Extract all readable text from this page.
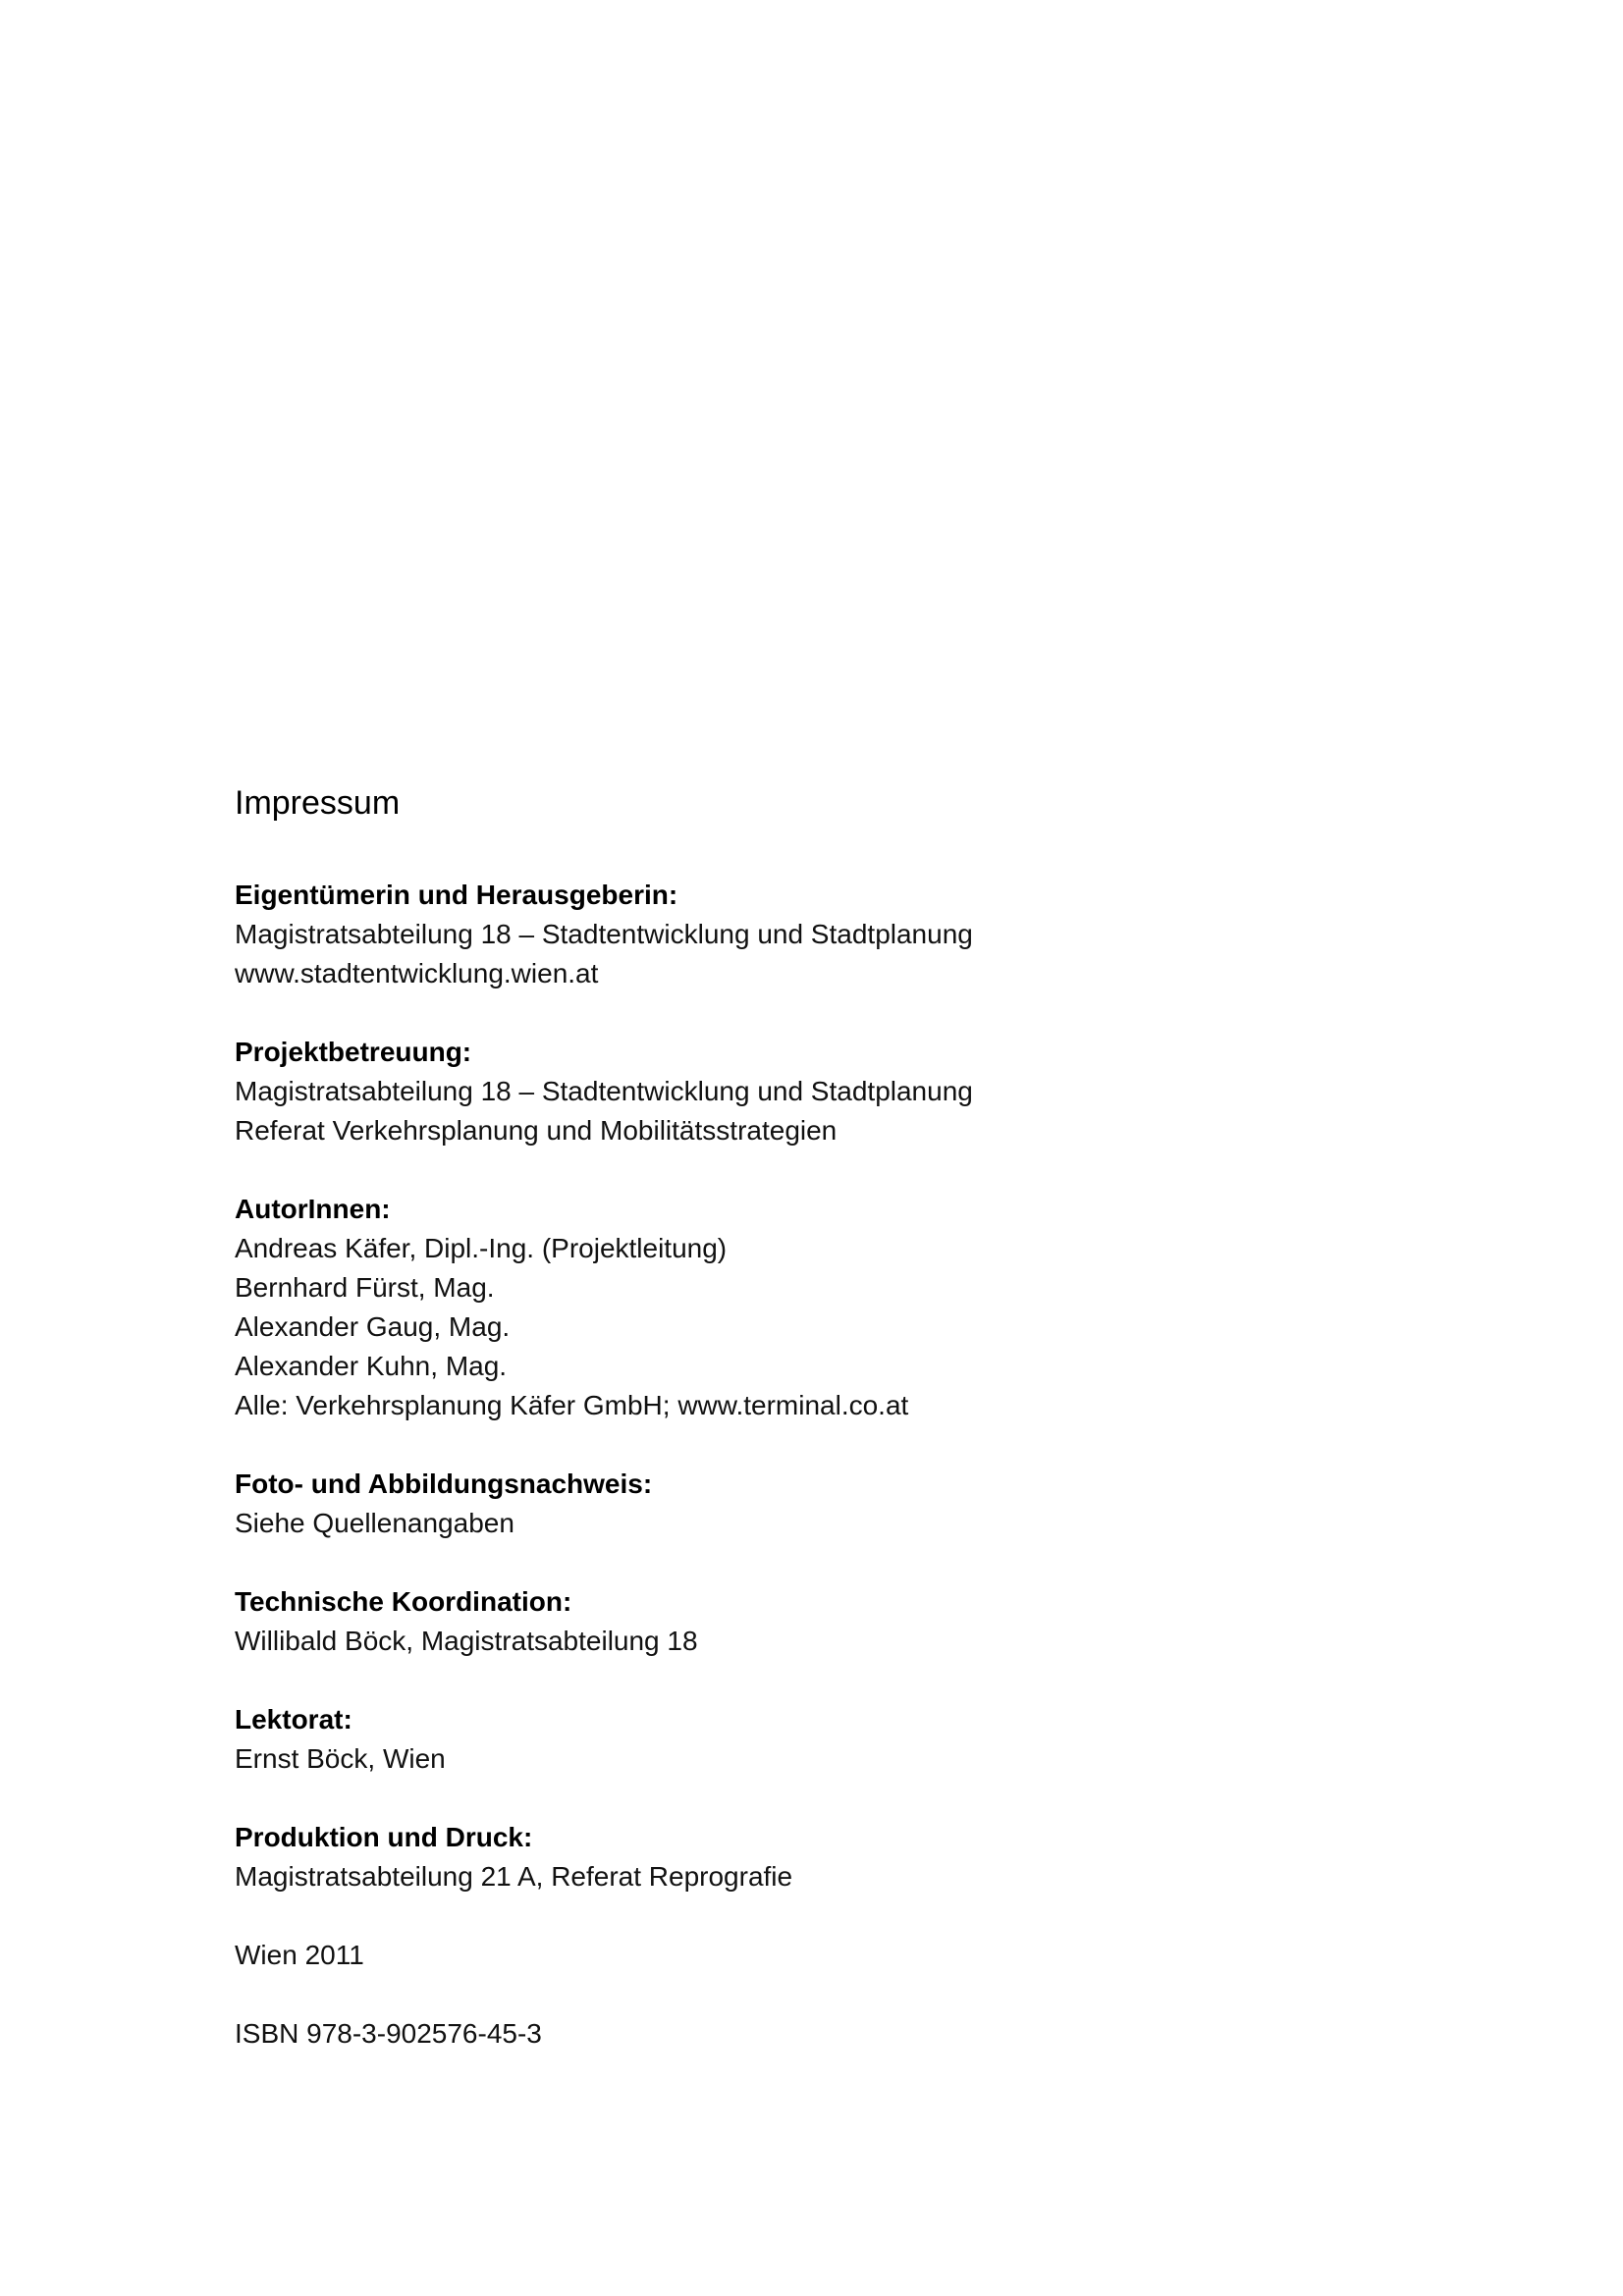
Impressum

Eigentümerin und Herausgeberin:

Magistratsabteilung 18 – Stadtentwicklung und Stadtplanung

www.stadtentwicklung.wien.at

Projektbetreuung:

Magistratsabteilung 18 – Stadtentwicklung und Stadtplanung

Referat Verkehrsplanung und Mobilitätsstrategien

AutorInnen:

Andreas Käfer, Dipl.-Ing. (Projektleitung)

Bernhard Fürst, Mag.

Alexander Gaug, Mag.

Alexander Kuhn, Mag.

Alle: Verkehrsplanung Käfer GmbH; www.terminal.co.at

Foto- und Abbildungsnachweis:

Siehe Quellenangaben

Technische Koordination:

Willibald Böck, Magistratsabteilung 18

Lektorat:

Ernst Böck, Wien

Produktion und Druck:

Magistratsabteilung 21 A, Referat Reprografie

Wien 2011

ISBN 978-3-902576-45-3
